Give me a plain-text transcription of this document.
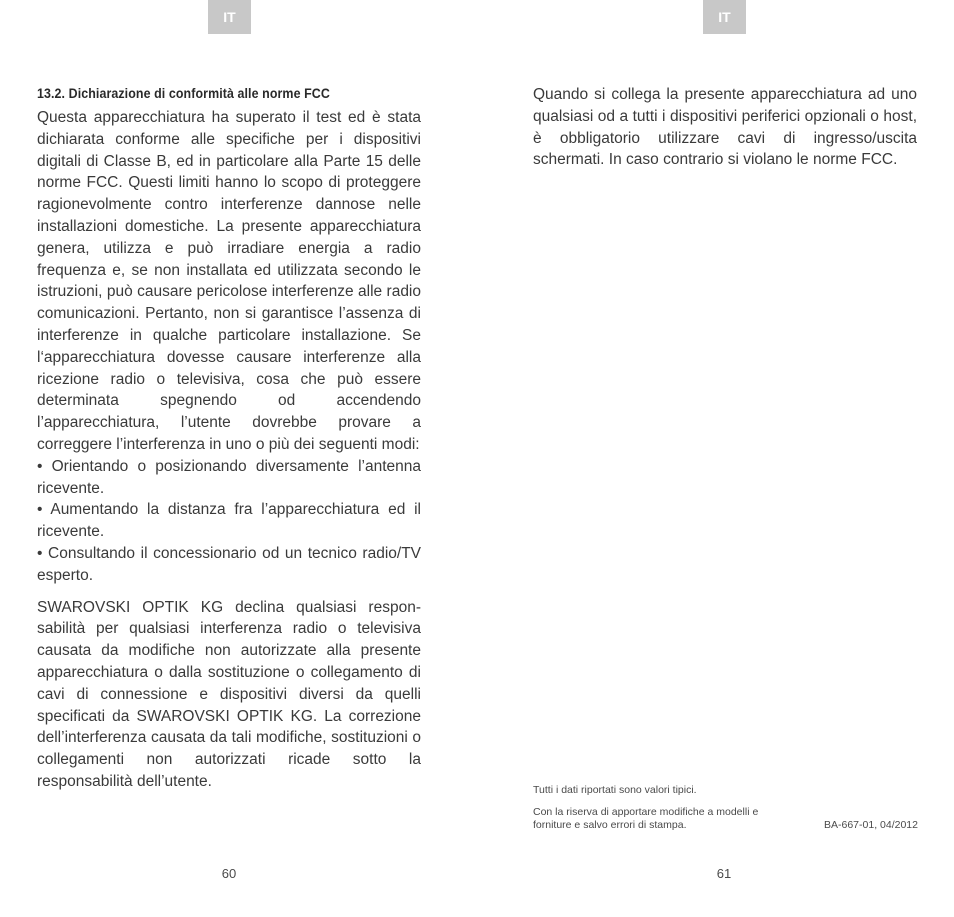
IT	IT
13.2. Dichiarazione di conformità alle norme FCC

Questa apparecchiatura ha superato il test ed è stata dichiarata conforme alle specifiche per i dispositivi digitali di Classe B, ed in particolare alla Parte 15 delle norme FCC. Questi limiti hanno lo scopo di proteggere ragionevolmente contro interferenze dannose nelle installazioni domestiche. La presente apparecchiatura genera, utilizza e può irradiare energia a radio frequenza e, se non installata ed utilizzata secondo le istruzioni, può causare pericolose interferenze alle radio comunicazioni. Pertanto, non si garantisce l’assenza di interferenze in qualche particolare installazione. Se l‘apparecchiatura dovesse causare interferenze alla ricezione radio o televisiva, cosa che può essere determinata spegnendo od accendendo l’apparecchiatura, l’utente dovrebbe provare a correggere l’interferenza in uno o più dei seguenti modi:

• Orientando o posizionando diversamente l’antenna ricevente.
• Aumentando la distanza fra l’apparecchiatura ed il ricevente.
• Consultando il concessionario od un tecnico radio/TV esperto.

SWAROVSKI OPTIK KG declina qualsiasi responsabilità per qualsiasi interferenza radio o televisiva causata da modifiche non autorizzate alla presente apparecchiatura o dalla sostituzione o collegamento di cavi di connessione e dispositivi diversi da quelli specificati da SWAROVSKI OPTIK KG. La correzione dell’interferenza causata da tali modifiche, sostituzioni o collegamenti non autorizzati ricade sotto la responsabilità dell’utente.

Quando si collega la presente apparecchiatura ad uno qualsiasi od a tutti i dispositivi periferici opzionali o host, è obbligatorio utilizzare cavi di ingresso/uscita schermati. In caso contrario si violano le norme FCC.

Tutti i dati riportati sono valori tipici.
Con la riserva di apportare modifiche a modelli e forniture e salvo errori di stampa.	BA-667-01, 04/2012
60	61
